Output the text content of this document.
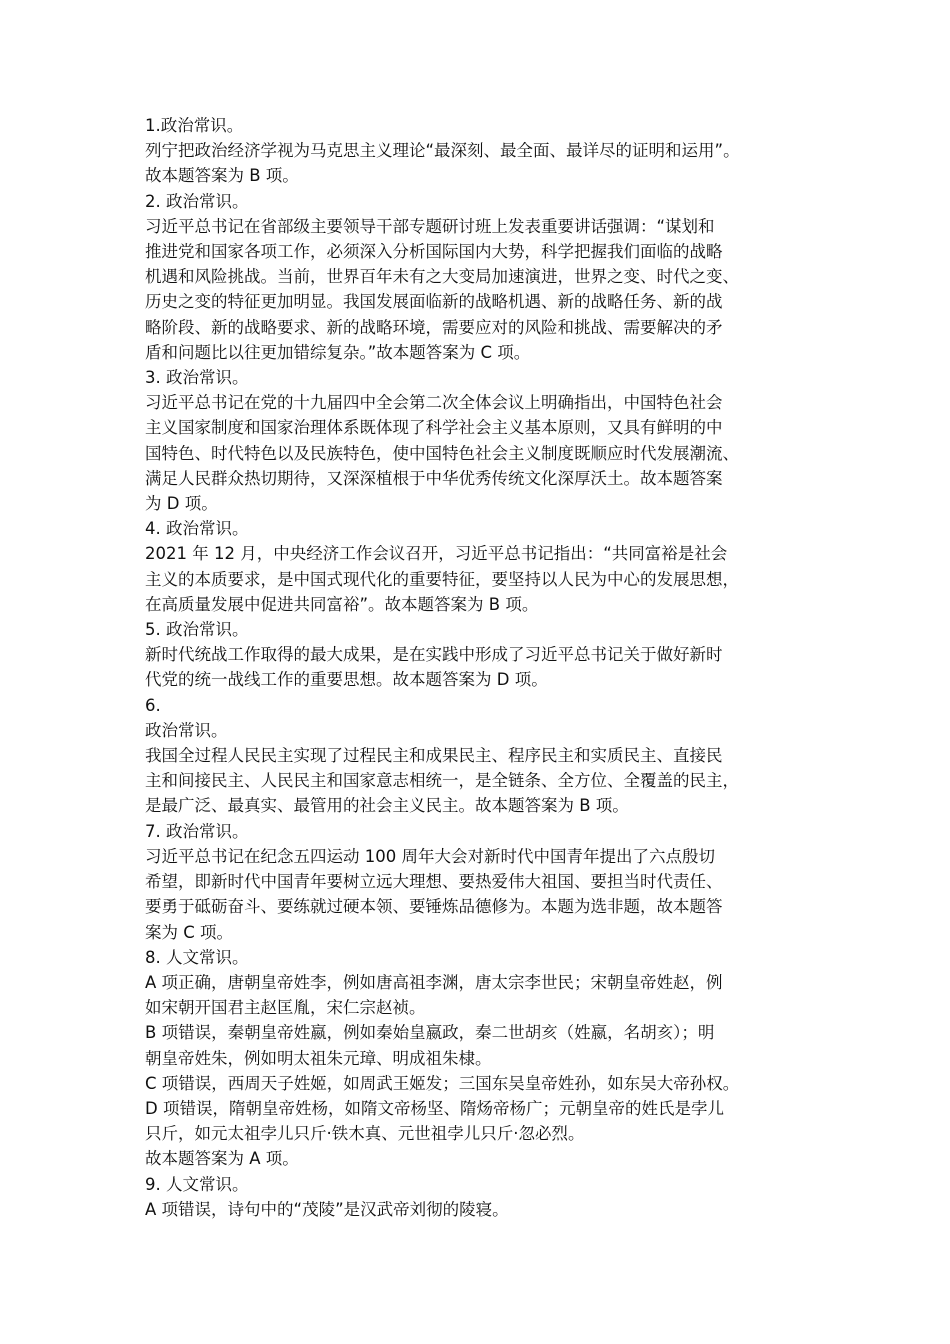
1.政治常识。
列宁把政治经济学视为马克思主义理论“最深刻、最全面、最详尽的证明和运用”。
故本题答案为 B 项。
2. 政治常识。
习近平总书记在省部级主要领导干部专题研讨班上发表重要讲话强调：“谋划和
推进党和国家各项工作，必须深入分析国际国内大势，科学把握我们面临的战略
机遇和风险挑战。当前，世界百年未有之大变局加速演进，世界之变、时代之变、
历史之变的特征更加明显。我国发展面临新的战略机遇、新的战略任务、新的战
略阶段、新的战略要求、新的战略环境，需要应对的风险和挑战、需要解决的矛
盾和问题比以往更加错综复杂。”故本题答案为 C 项。
3. 政治常识。
习近平总书记在党的十九届四中全会第二次全体会议上明确指出，中国特色社会
主义国家制度和国家治理体系既体现了科学社会主义基本原则，又具有鲜明的中
国特色、时代特色以及民族特色，使中国特色社会主义制度既顺应时代发展潮流、
满足人民群众热切期待，又深深植根于中华优秀传统文化深厚沃土。故本题答案
为 D 项。
4. 政治常识。
2021 年 12 月，中央经济工作会议召开，习近平总书记指出：“共同富裕是社会
主义的本质要求，是中国式现代化的重要特征，要坚持以人民为中心的发展思想，
在高质量发展中促进共同富裕”。故本题答案为 B 项。
5. 政治常识。
新时代统战工作取得的最大成果，是在实践中形成了习近平总书记关于做好新时
代党的统一战线工作的重要思想。故本题答案为 D 项。
6.
政治常识。
我国全过程人民民主实现了过程民主和成果民主、程序民主和实质民主、直接民
主和间接民主、人民民主和国家意志相统一，是全链条、全方位、全覆盖的民主，
是最广泛、最真实、最管用的社会主义民主。故本题答案为 B 项。
7. 政治常识。
习近平总书记在纪念五四运动 100 周年大会对新时代中国青年提出了六点殷切
希望，即新时代中国青年要树立远大理想、要热爱伟大祖国、要担当时代责任、
要勇于砥砺奋斗、要练就过硬本领、要锤炼品德修为。本题为选非题，故本题答
案为 C 项。
8. 人文常识。
A 项正确，唐朝皇帝姓李，例如唐高祖李渊，唐太宗李世民；宋朝皇帝姓赵，例
如宋朝开国君主赵匡胤，宋仁宗赵祯。
B 项错误，秦朝皇帝姓嬴，例如秦始皇嬴政，秦二世胡亥（姓嬴，名胡亥）；明
朝皇帝姓朱，例如明太祖朱元璋、明成祖朱棣。
C 项错误，西周天子姓姬，如周武王姬发；三国东吴皇帝姓孙，如东吴大帝孙权。
D 项错误，隋朝皇帝姓杨，如隋文帝杨坚、隋炀帝杨广；元朝皇帝的姓氏是孛儿
只斤，如元太祖孛儿只斤·铁木真、元世祖孛儿只斤·忽必烈。
故本题答案为 A 项。
9. 人文常识。
A 项错误，诗句中的“茂陵”是汉武帝刘彻的陵寝。
